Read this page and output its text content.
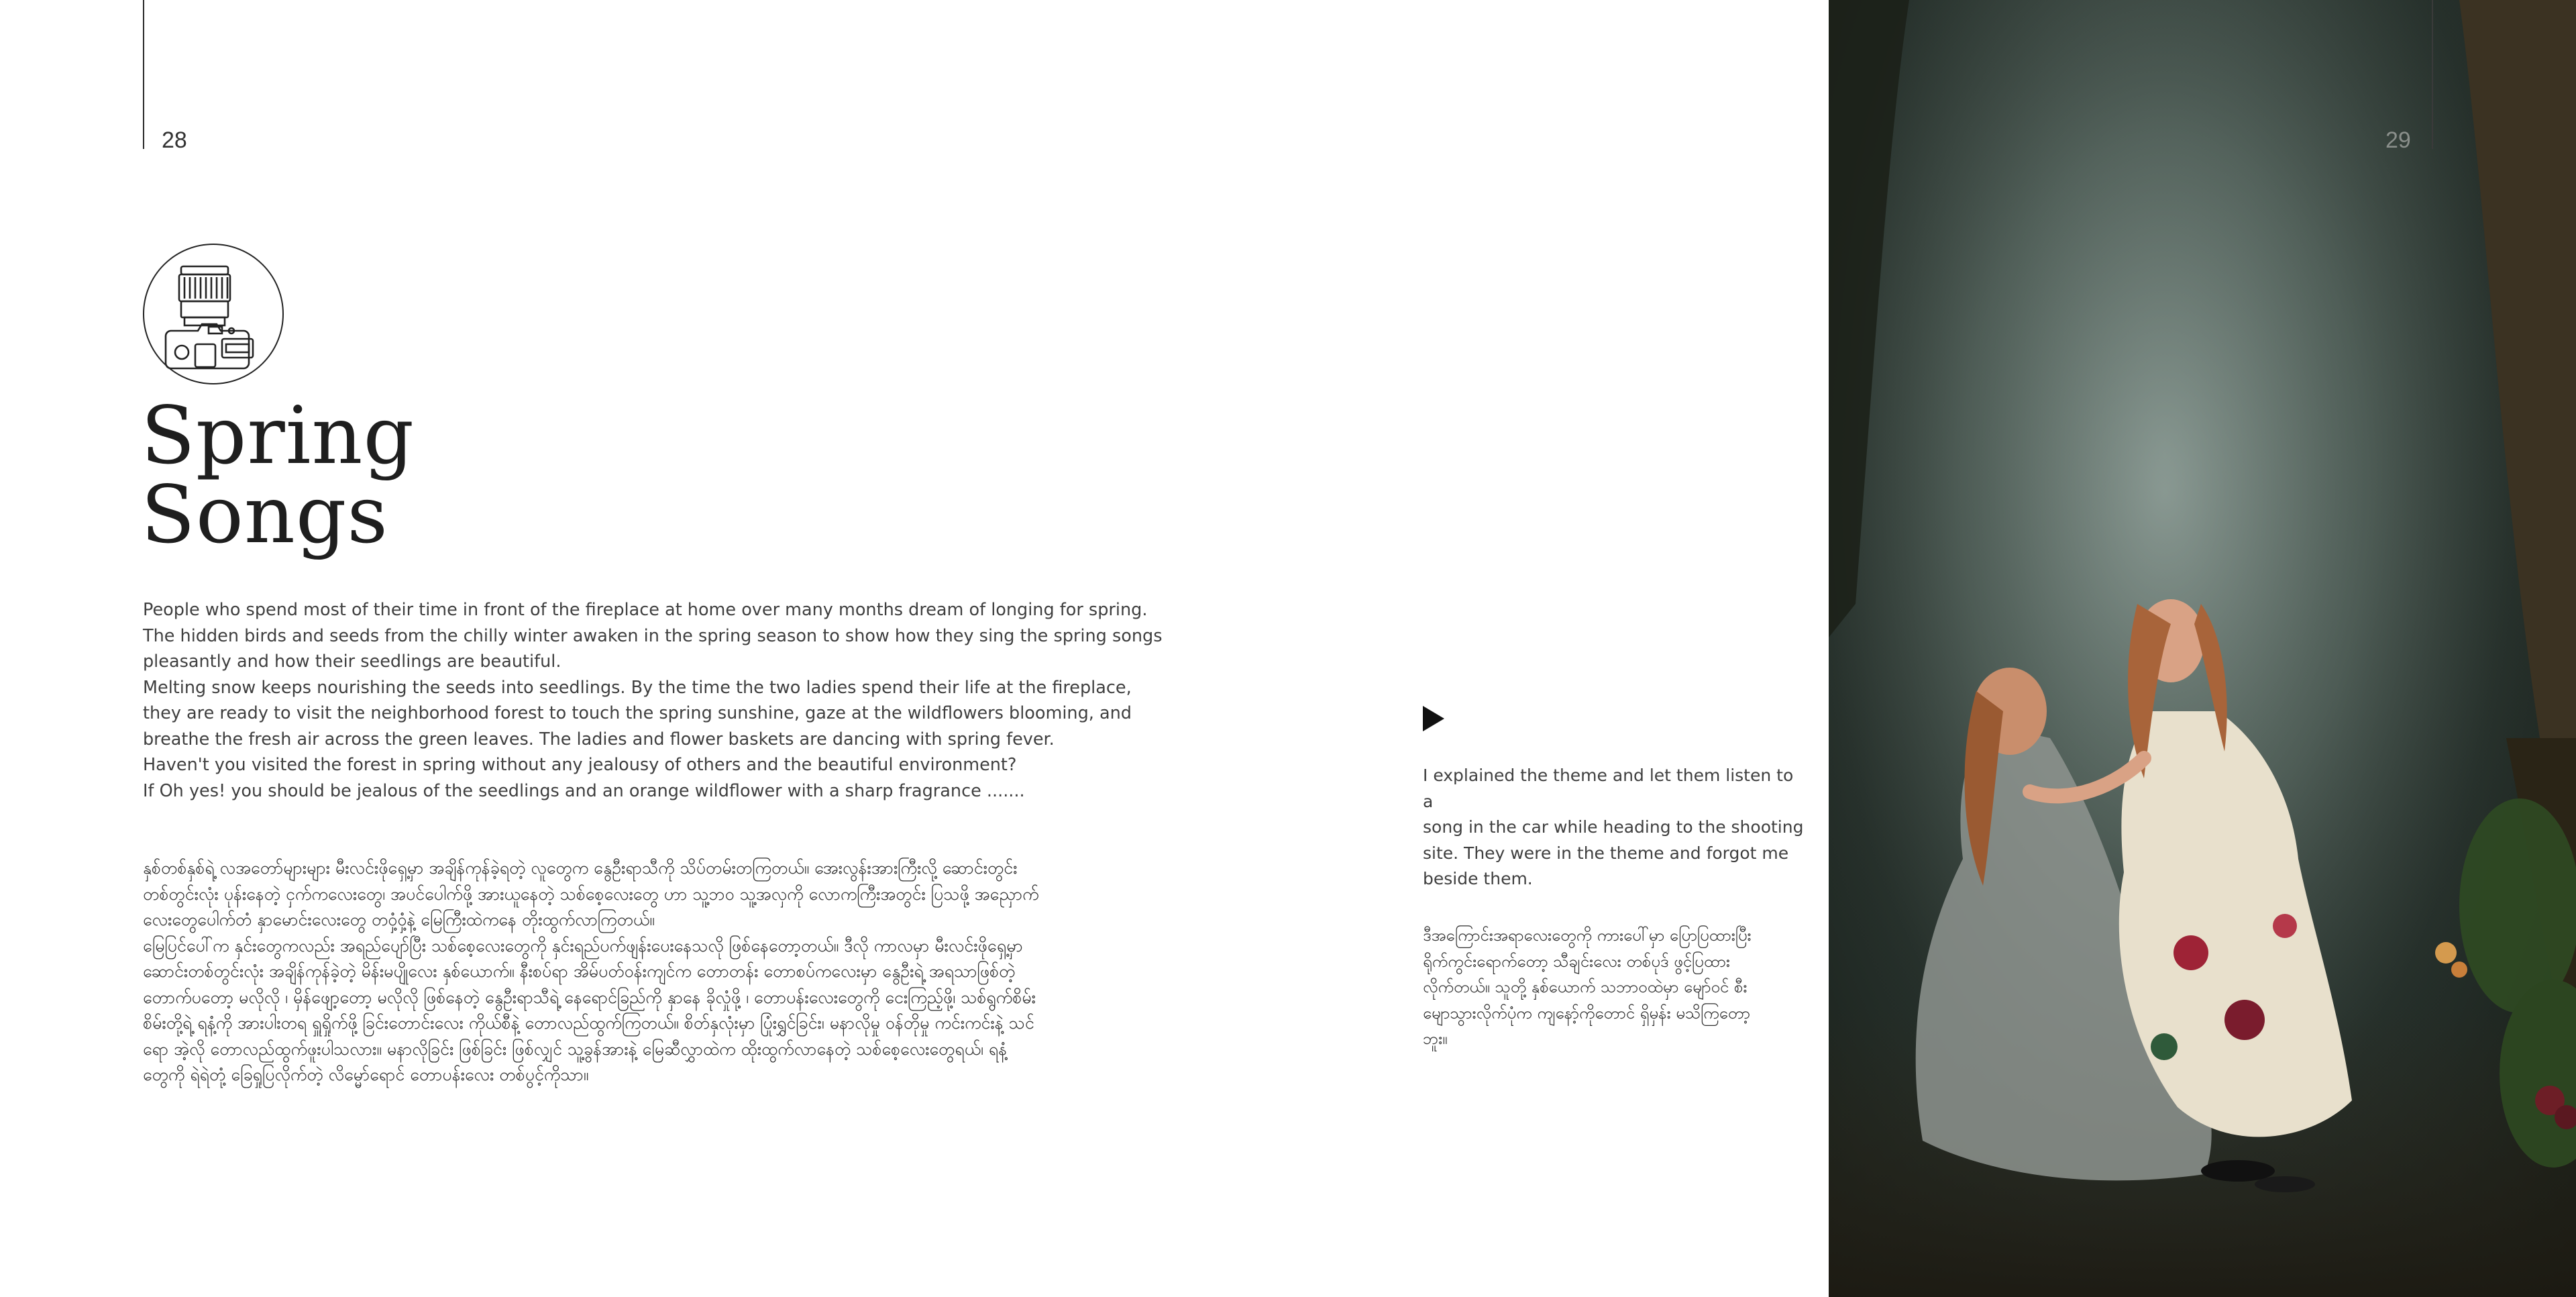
28
Spring
Songs

People who spend most of their time in front of the fireplace at home over many months dream of longing for spring.

The hidden birds and seeds from the chilly winter awaken in the spring season to show how they sing the spring songs

pleasantly and how their seedlings are beautiful.

Melting snow keeps nourishing the seeds into seedlings. By the time the two ladies spend their life at the fireplace,

they are ready to visit the neighborhood forest to touch the spring sunshine, gaze at the wildflowers blooming, and

breathe the fresh air across the green leaves. The ladies and flower baskets are dancing with spring fever.

Haven't you visited the forest in spring without any jealousy of others and the beautiful environment?

If Oh yes! you should be jealous of the seedlings and an orange wildflower with a sharp fragrance .......

နှစ်တစ်နှစ်ရဲ့ လအတော်များများ မီးလင်းဖိုရှေ့မှာ အချိန်ကုန်ခဲ့ရတဲ့ လူတွေက နွေဦးရာသီကို သိပ်တမ်းတကြတယ်။ အေးလွန်းအားကြီးလို့ ဆောင်းတွင်း

တစ်တွင်းလုံး ပုန်းနေတဲ့ ငှက်ကလေးတွေ၊ အပင်ပေါက်ဖို့ အားယူနေတဲ့ သစ်စေ့လေးတွေ ဟာ သူ့ဘ၀ သူ့အလှကို လောကကြီးအတွင်း ပြသဖို့ အညှောက်

လေးတွေပေါက်တံ နှာမောင်းလေးတွေ တဝှံ့ဝှံ့နဲ့ မြေကြီးထဲကနေ တိုးထွက်လာကြတယ်။

မြေပြင်ပေါ်က နှင်းတွေကလည်း အရည်ပျော်ပြီး သစ်စေ့လေးတွေကို နှင်းရည်ပက်ဖျန်းပေးနေသလို ဖြစ်နေတော့တယ်။ ဒီလို ကာလမှာ မီးလင်းဖိုရှေ့မှာ

ဆောင်းတစ်တွင်းလုံး အချိန်ကုန်ခဲ့တဲ့ မိန်းမပျိုလေး နှစ်ယောက်။ နီးစပ်ရာ အိမ်ပတ်ဝန်းကျင်က တောတန်း တောစပ်ကလေးမှာ နွေဦးရဲ့ အရသာဖြစ်တဲ့

တောက်ပတော့ မလိုလို ၊ မှိန်ဖျော့တော့ မလိုလို ဖြစ်နေတဲ့ နွေဦးရာသီရဲ့ နေရောင်ခြည်ကို နှာနေ ခိုလှုံဖို့ ၊ တောပန်းလေးတွေကို ငေးကြည့်ဖို့၊ သစ်ရွက်စိမ်း

စိမ်းတို့ရဲ့ ရနံ့ကို အားပါးတရ ရှူရှိုက်ဖို့ ခြင်းတောင်းလေး ကိုယ်စီနဲ့ တောလည်ထွက်ကြတယ်။ စိတ်နှလုံးမှာ ပြုံးရွှင်ခြင်း၊ မနာလိုမှု ဝန်တိုမှု ကင်းကင်းနဲ့ သင်

ရော အဲ့လို တောလည်ထွက်ဖူးပါသလား။ မနာလိုခြင်း ဖြစ်ခြင်း ဖြစ်လျှင် သူ့ခွန်အားနဲ့ မြေဆီလွှာထဲက ထိုးထွက်လာနေတဲ့ သစ်စေ့လေးတွေရယ်၊ ရနံ့

တွေကို ရဲရဲတုံ့ ခြေရှုပြလိုက်တဲ့ လိမ္မော်ရောင် တောပန်းလေး တစ်ပွင့်ကိုသာ။

I explained the theme and let them listen to a

song in the car while heading to the shooting

site. They were in the theme and forgot me

beside them.

ဒီအကြောင်းအရာလေးတွေကို ကားပေါ်မှာ ပြောပြထားပြီး

ရိုက်ကွင်းရောက်တော့ သီချင်းလေး တစ်ပုဒ် ဖွင့်ပြထား

လိုက်တယ်။ သူတို့ နှစ်ယောက် သဘာ၀ထဲမှာ မျော်ဝင် စီး

မျောသွားလိုက်ပုံက ကျနော့်ကိုတောင် ရှိမှန်း မသိကြတော့

ဘူး။

29
